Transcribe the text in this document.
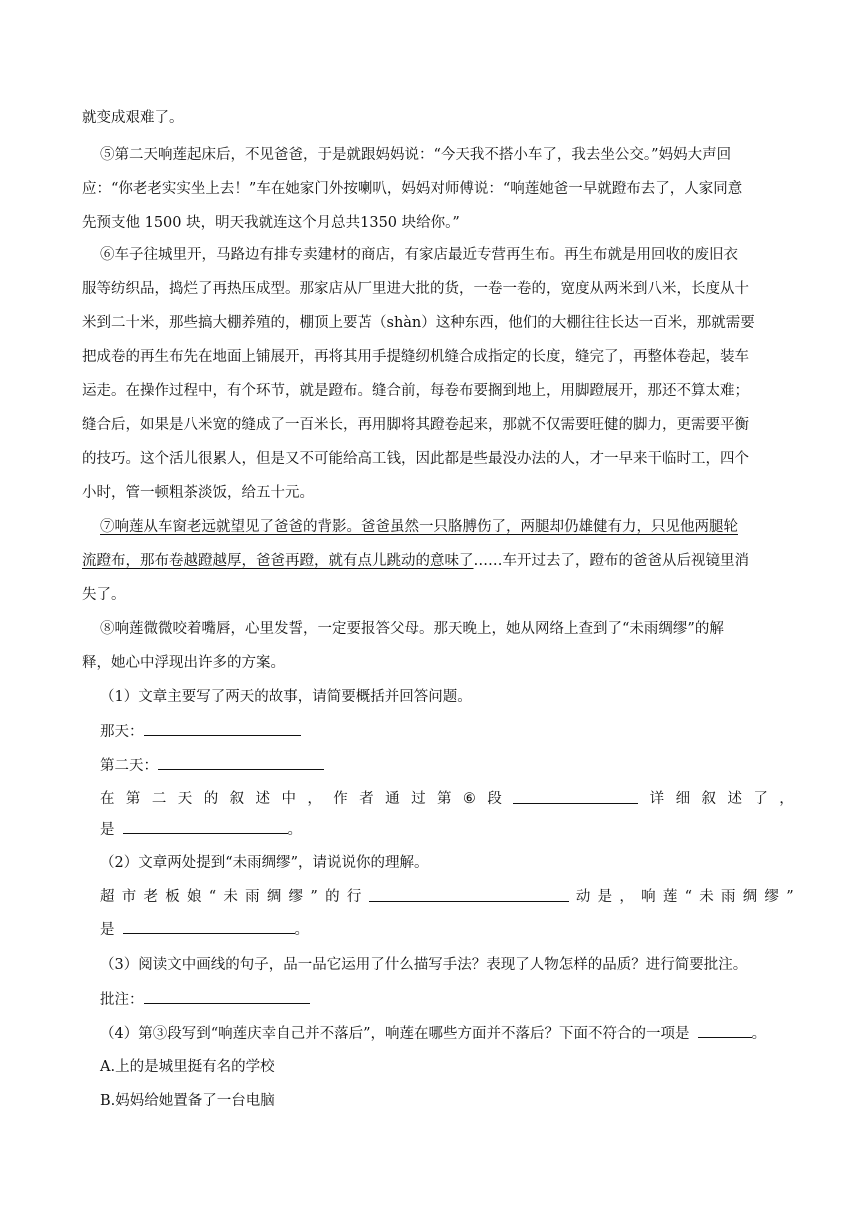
就变成艰难了。
⑤第二天响莲起床后，不见爸爸，于是就跟妈妈说：“今天我不搭小车了，我去坐公交。”妈妈大声回
应：“你老老实实坐上去！”车在她家门外按喇叭，妈妈对师傅说：“响莲她爸一早就蹬布去了，人家同意
先预支他 1500 块，明天我就连这个月总共1350 块给你。”
⑥车子往城里开，马路边有排专卖建材的商店，有家店最近专营再生布。再生布就是用回收的废旧衣
服等纺织品，捣烂了再热压成型。那家店从厂里进大批的货，一卷一卷的，宽度从两米到八米，长度从十
米到二十米，那些搞大棚养殖的，棚顶上要苫（shàn）这种东西，他们的大棚往往长达一百米，那就需要
把成卷的再生布先在地面上铺展开，再将其用手提缝纫机缝合成指定的长度，缝完了，再整体卷起，装车
运走。在操作过程中，有个环节，就是蹬布。缝合前，每卷布要搁到地上，用脚蹬展开，那还不算太难；
缝合后，如果是八米宽的缝成了一百米长，再用脚将其蹬卷起来，那就不仅需要旺健的脚力，更需要平衡
的技巧。这个活儿很累人，但是又不可能给高工钱，因此都是些最没办法的人，才一早来干临时工，四个
小时，管一顿粗茶淡饭，给五十元。
⑦响莲从车窗老远就望见了爸爸的背影。爸爸虽然一只胳膊伤了，两腿却仍雄健有力，只见他两腿轮
流蹬布，那布卷越蹬越厚，爸爸再蹬，就有点儿跳动的意味了……车开过去了，蹬布的爸爸从后视镜里消
失了。
⑧响莲微微咬着嘴唇，心里发誓，一定要报答父母。那天晚上，她从网络上查到了“未雨绸缪”的解
释，她心中浮现出许多的方案。
（1）文章主要写了两天的故事，请简要概括并回答问题。
那天：
第二天：
在 第 二 天 的 叙 述 中 ， 作 者 通 过 第 ⑥ 段	详 细 叙 述 了 ，
是	。
（2）文章两处提到“未雨绸缪”，请说说你的理解。
超 市 老 板 娘 “ 未 雨 绸 缪 ” 的 行	动 是 ， 响 莲 “ 未 雨 绸 缪 ”
是	。
（3）阅读文中画线的句子，品一品它运用了什么描写手法？表现了人物怎样的品质？进行简要批注。
批注：
（4）第③段写到“响莲庆幸自己并不落后”，响莲在哪些方面并不落后？下面不符合的一项是	。
A.上的是城里挺有名的学校
B.妈妈给她置备了一台电脑
